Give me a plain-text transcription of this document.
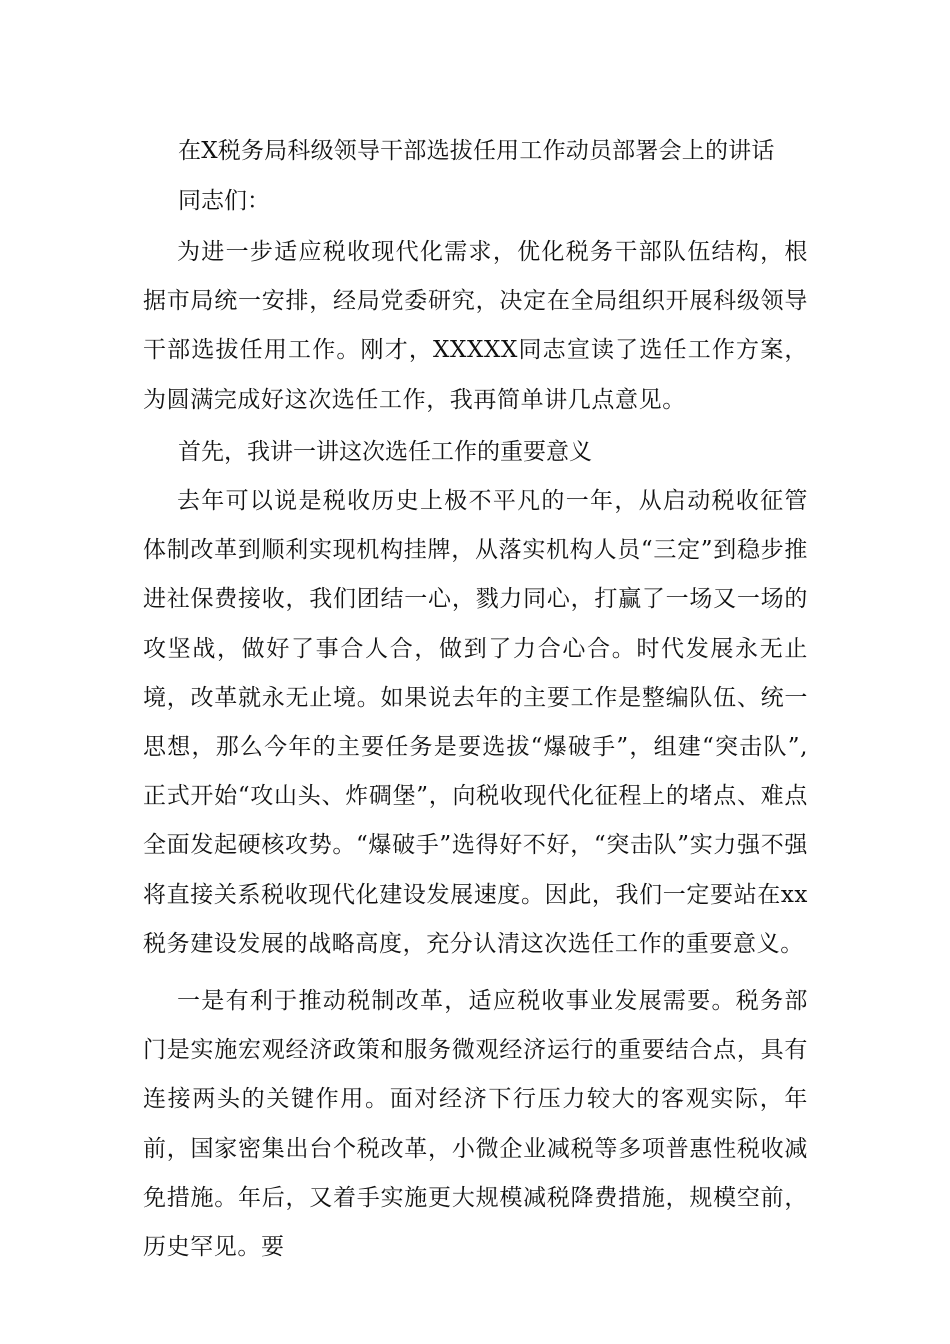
在X税务局科级领导干部选拔任用工作动员部署会上的讲话
同志们：

为进一步适应税收现代化需求，优化税务干部队伍结构，根据市局统一安排，经局党委研究，决定在全局组织开展科级领导干部选拔任用工作。刚才，XXXXX同志宣读了选任工作方案，为圆满完成好这次选任工作，我再简单讲几点意见。

首先，我讲一讲这次选任工作的重要意义

去年可以说是税收历史上极不平凡的一年，从启动税收征管体制改革到顺利实现机构挂牌，从落实机构人员“三定”到稳步推进社保费接收，我们团结一心，戮力同心，打赢了一场又一场的攻坚战，做好了事合人合，做到了力合心合。时代发展永无止境，改革就永无止境。如果说去年的主要工作是整编队伍、统一思想，那么今年的主要任务是要选拔“爆破手”，组建“突击队”,正式开始“攻山头、炸碉堡”，向税收现代化征程上的堵点、难点全面发起硬核攻势。“爆破手”选得好不好，“突击队”实力强不强将直接关系税收现代化建设发展速度。因此，我们一定要站在xx税务建设发展的战略高度，充分认清这次选任工作的重要意义。

一是有利于推动税制改革，适应税收事业发展需要。税务部门是实施宏观经济政策和服务微观经济运行的重要结合点，具有连接两头的关键作用。面对经济下行压力较大的客观实际，年前，国家密集出台个税改革，小微企业减税等多项普惠性税收减免措施。年后，又着手实施更大规模减税降费措施，规模空前，历史罕见。要
